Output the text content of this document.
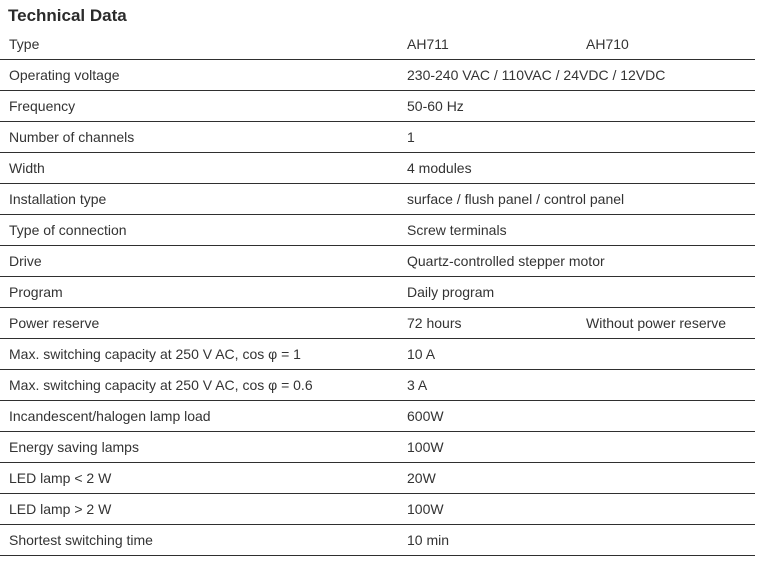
Technical Data
Type	AH711	AH710
Operating voltage	230-240 VAC / 110VAC / 24VDC / 12VDC
Frequency	50-60 Hz
Number of channels	1
Width	4 modules
Installation type	surface / flush panel / control panel
Type of connection	Screw terminals
Drive	Quartz-controlled stepper motor
Program	Daily program
Power reserve	72 hours	Without power reserve
Max. switching capacity at 250 V AC, cos φ = 1	10 A
Max. switching capacity at 250 V AC, cos φ = 0.6	3 A
Incandescent/halogen lamp load	600W
Energy saving lamps	100W
LED lamp < 2 W	20W
LED lamp > 2 W	100W
Shortest switching time	10 min
